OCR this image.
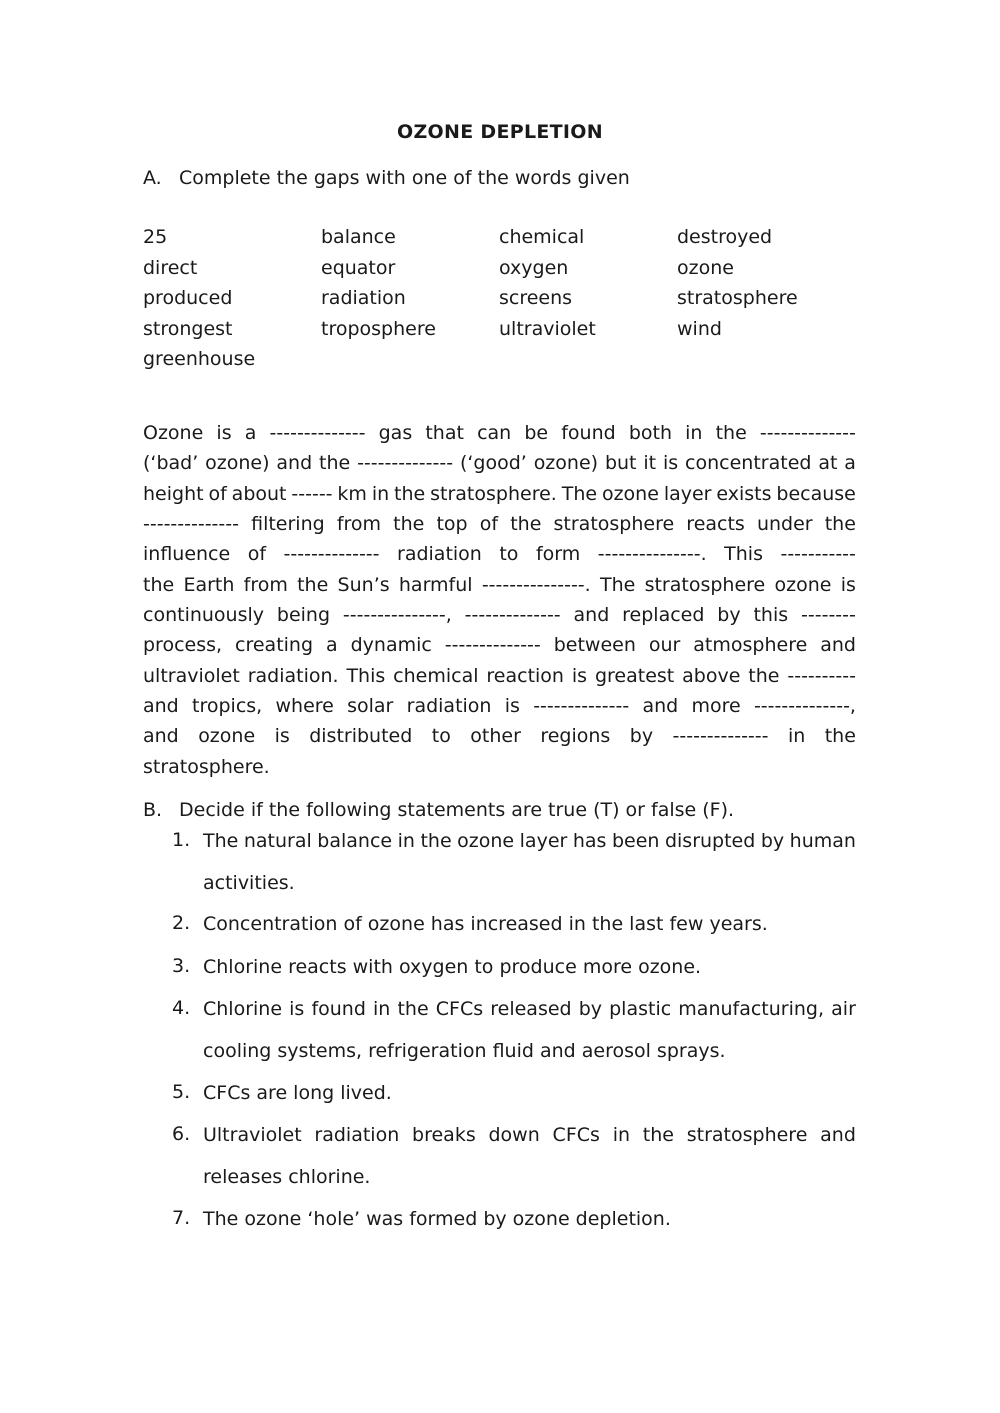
OZONE DEPLETION
A. Complete the gaps with one of the words given
25	balance	chemical	destroyed
direct	equator	oxygen	ozone
produced	radiation	screens	stratosphere
strongest	troposphere	ultraviolet	wind
greenhouse
Ozone is a -------------- gas that can be found both in the --------------
(‘bad’ ozone) and the -------------- (‘good’ ozone) but it is concentrated at a
height of about ------ km in the stratosphere. The ozone layer exists because
-------------- filtering from the top of the stratosphere reacts under the
influence of -------------- radiation to form ---------------. This -----------
the Earth from the Sun’s harmful ---------------. The stratosphere ozone is
continuously being ---------------, -------------- and replaced by this --------
process, creating a dynamic -------------- between our atmosphere and
ultraviolet radiation. This chemical reaction is greatest above the ----------
and tropics, where solar radiation is -------------- and more --------------,
and ozone is distributed to other regions by -------------- in the
stratosphere.
B. Decide if the following statements are true (T) or false (F).
1. The natural balance in the ozone layer has been disrupted by human
activities.
2. Concentration of ozone has increased in the last few years.
3. Chlorine reacts with oxygen to produce more ozone.
4. Chlorine is found in the CFCs released by plastic manufacturing, air
cooling systems, refrigeration fluid and aerosol sprays.
5. CFCs are long lived.
6. Ultraviolet radiation breaks down CFCs in the stratosphere and
releases chlorine.
7. The ozone ‘hole’ was formed by ozone depletion.
